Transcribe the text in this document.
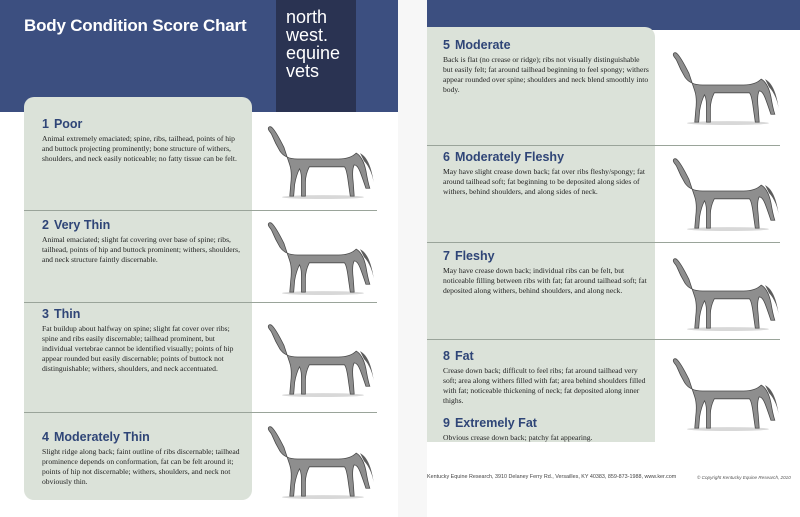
Body Condition Score Chart north
west.
equine
vets
1 Poor

Animal extremely emaciated; spine, ribs, tailhead, points of hip and buttock projecting prominently; bone structure of withers, shoulders, and neck easily noticeable; no fatty tissue can be felt.

2 Very Thin

Animal emaciated; slight fat covering over base of spine; ribs, tailhead, points of hip and buttock prominent; withers, shoulders, and neck structure faintly discernable.

3 Thin

Fat buildup about halfway on spine; slight fat cover over ribs; spine and ribs easily discernable; tailhead prominent, but individual vertebrae cannot be identified visually; points of hip appear rounded but easily discernable; points of buttock not distinguishable; withers, shoulders, and neck accentuated.

4 Moderately Thin

Slight ridge along back; faint outline of ribs discernable; tailhead prominence depends on conformation, fat can be felt around it; points of hip not discernable; withers, shoulders, and neck not obviously thin.

5 Moderate

Back is flat (no crease or ridge); ribs not visually distinguishable but easily felt; fat around tailhead beginning to feel spongy; withers appear rounded over spine; shoulders and neck blend smoothly into body.

6 Moderately Fleshy

May have slight crease down back; fat over ribs fleshy/spongy; fat around tailhead soft; fat beginning to be deposited along sides of withers, behind shoulders, and along sides of neck.

7 Fleshy

May have crease down back; individual ribs can be felt, but noticeable filling between ribs with fat; fat around tailhead soft; fat deposited along withers, behind shoulders, and along neck.

8 Fat

Crease down back; difficult to feel ribs; fat around tailhead very soft; area along withers filled with fat; area behind shoulders filled with fat; noticeable thickening of neck; fat deposited along inner thighs.

9 Extremely Fat

Obvious crease down back; patchy fat appearing.

Kentucky Equine Research, 3910 Delaney Ferry Rd., Versailles, KY 40383, 859-873-1988, www.ker.com	© Copyright Kentucky Equine Research, 2010
